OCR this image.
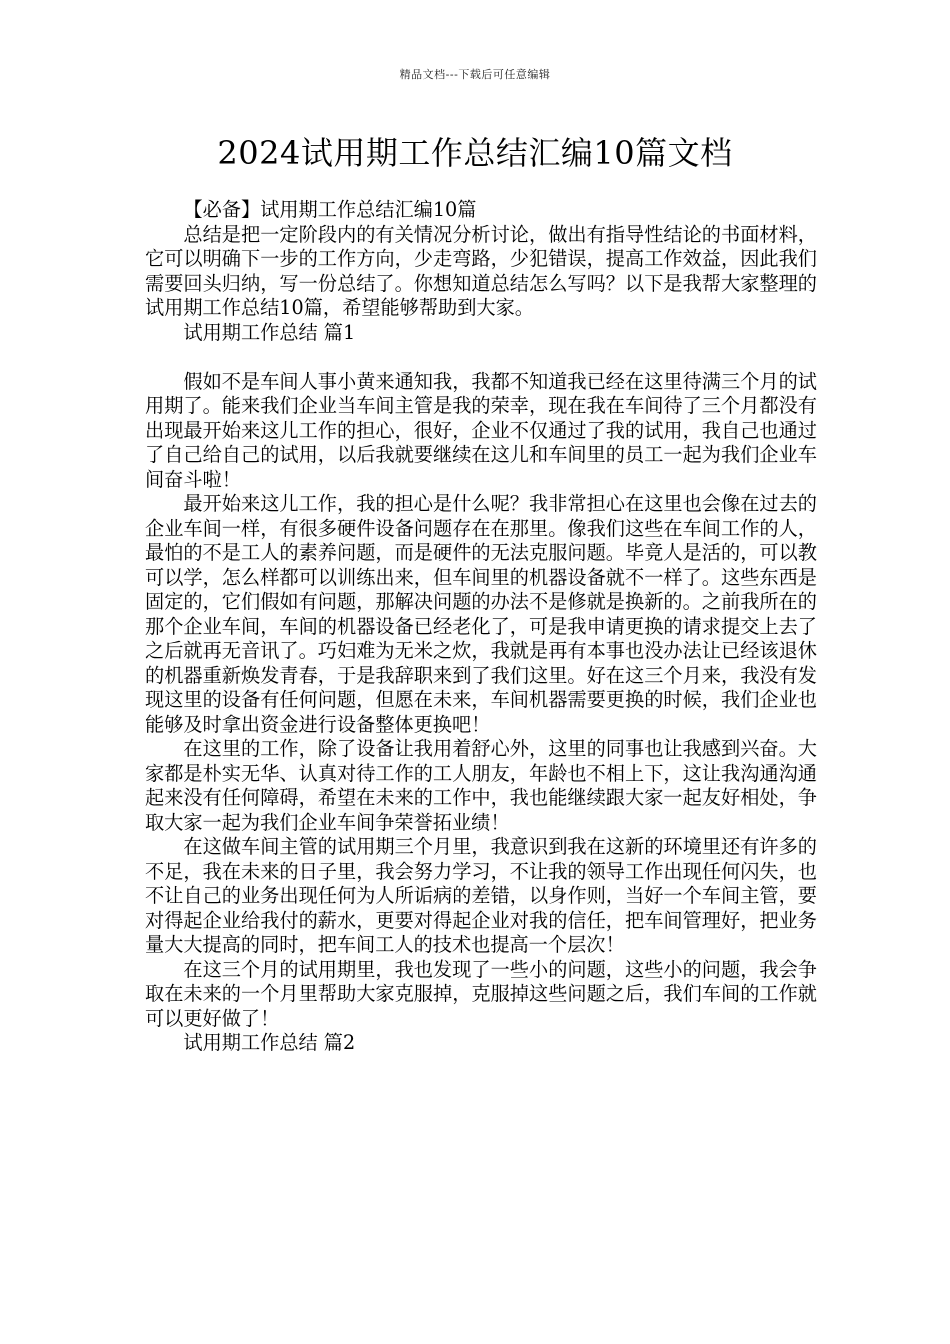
精品文档---下载后可任意编辑
2024试用期工作总结汇编10篇文档

【必备】试用期工作总结汇编10篇

总结是把一定阶段内的有关情况分析讨论，做出有指导性结论的书面材料，它可以明确下一步的工作方向，少走弯路，少犯错误，提高工作效益，因此我们需要回头归纳，写一份总结了。你想知道总结怎么写吗？以下是我帮大家整理的试用期工作总结10篇，希望能够帮助到大家。

试用期工作总结 篇1

假如不是车间人事小黄来通知我，我都不知道我已经在这里待满三个月的试用期了。能来我们企业当车间主管是我的荣幸，现在我在车间待了三个月都没有出现最开始来这儿工作的担心，很好，企业不仅通过了我的试用，我自己也通过了自己给自己的试用，以后我就要继续在这儿和车间里的员工一起为我们企业车间奋斗啦！

最开始来这儿工作，我的担心是什么呢？我非常担心在这里也会像在过去的企业车间一样，有很多硬件设备问题存在在那里。像我们这些在车间工作的人，最怕的不是工人的素养问题，而是硬件的无法克服问题。毕竟人是活的，可以教可以学，怎么样都可以训练出来，但车间里的机器设备就不一样了。这些东西是固定的，它们假如有问题，那解决问题的办法不是修就是换新的。之前我所在的那个企业车间，车间的机器设备已经老化了，可是我申请更换的请求提交上去了之后就再无音讯了。巧妇难为无米之炊，我就是再有本事也没办法让已经该退休的机器重新焕发青春，于是我辞职来到了我们这里。好在这三个月来，我没有发现这里的设备有任何问题，但愿在未来，车间机器需要更换的时候，我们企业也能够及时拿出资金进行设备整体更换吧！

在这里的工作，除了设备让我用着舒心外，这里的同事也让我感到兴奋。大家都是朴实无华、认真对待工作的工人朋友，年龄也不相上下，这让我沟通沟通起来没有任何障碍，希望在未来的工作中，我也能继续跟大家一起友好相处，争取大家一起为我们企业车间争荣誉拓业绩！

在这做车间主管的试用期三个月里，我意识到我在这新的环境里还有许多的不足，我在未来的日子里，我会努力学习，不让我的领导工作出现任何闪失，也不让自己的业务出现任何为人所诟病的差错，以身作则，当好一个车间主管，要对得起企业给我付的薪水，更要对得起企业对我的信任，把车间管理好，把业务量大大提高的同时，把车间工人的技术也提高一个层次！

在这三个月的试用期里，我也发现了一些小的问题，这些小的问题，我会争取在未来的一个月里帮助大家克服掉，克服掉这些问题之后，我们车间的工作就可以更好做了！

试用期工作总结 篇2
